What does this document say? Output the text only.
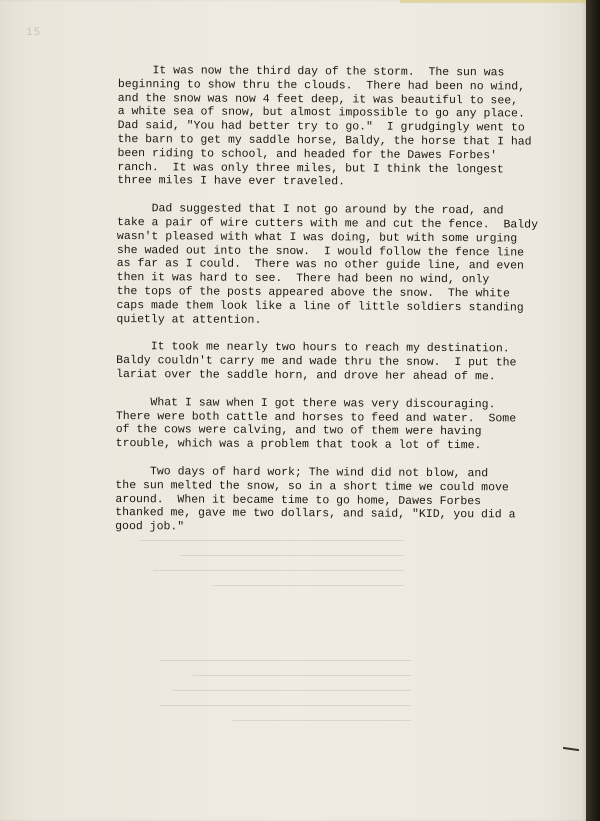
15

────────────────────────────────────────
──────────────────────────────────
──────────────────────────────────────
─────────────────────────────

──────────────────────────────────────
─────────────────────────────────
────────────────────────────────────
──────────────────────────────────────
───────────────────────────

It was now the third day of the storm.  The sun was
beginning to show thru the clouds.  There had been no wind,
and the snow was now 4 feet deep, it was beautiful to see,
a white sea of snow, but almost impossible to go any place.
Dad said, "You had better try to go."  I grudgingly went to
the barn to get my saddle horse, Baldy, the horse that I had
been riding to school, and headed for the Dawes Forbes'
ranch.  It was only three miles, but I think the longest
three miles I have ever traveled.

Dad suggested that I not go around by the road, and
take a pair of wire cutters with me and cut the fence.  Baldy
wasn't pleased with what I was doing, but with some urging
she waded out into the snow.  I would follow the fence line
as far as I could.  There was no other guide line, and even
then it was hard to see.  There had been no wind, only
the tops of the posts appeared above the snow.  The white
caps made them look like a line of little soldiers standing
quietly at attention.

It took me nearly two hours to reach my destination.
Baldy couldn't carry me and wade thru the snow.  I put the
lariat over the saddle horn, and drove her ahead of me.

What I saw when I got there was very discouraging.
There were both cattle and horses to feed and water.  Some
of the cows were calving, and two of them were having
trouble, which was a problem that took a lot of time.

Two days of hard work; The wind did not blow, and
the sun melted the snow, so in a short time we could move
around.  When it became time to go home, Dawes Forbes
thanked me, gave me two dollars, and said, "KID, you did a
good job."
